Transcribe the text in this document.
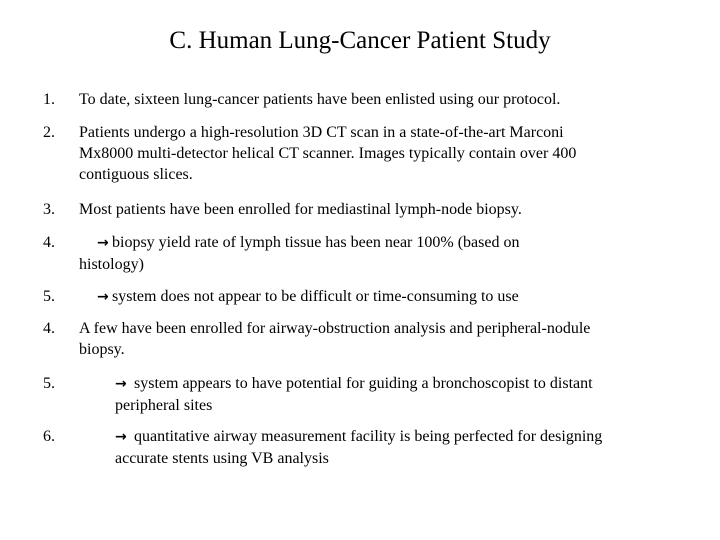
C. Human Lung-Cancer Patient Study
1. To date, sixteen lung-cancer patients have been enlisted using our protocol.
2. Patients undergo a high-resolution 3D CT scan in a state-of-the-art Marconi
Mx8000 multi-detector helical CT scanner. Images typically contain over 400
contiguous slices.
3. Most patients have been enrolled for mediastinal lymph-node biopsy.
4.	→ biopsy yield rate of lymph tissue has been near 100% (based on
histology)
5.	→ system does not appear to be difficult or time-consuming to use
4. A few have been enrolled for airway-obstruction analysis and peripheral-nodule
biopsy.
5.	→ system appears to have potential for guiding a bronchoscopist to distant
peripheral sites
6.	→ quantitative airway measurement facility is being perfected for designing
accurate stents using VB analysis
